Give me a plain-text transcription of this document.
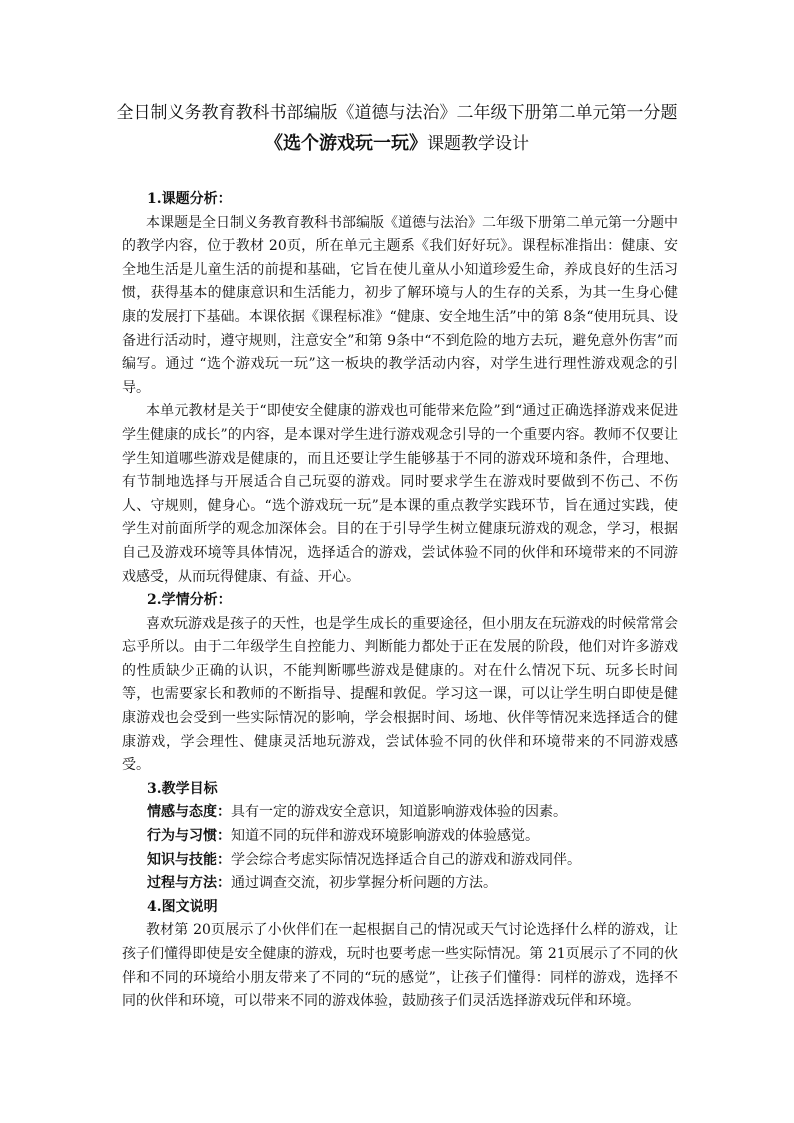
全日制义务教育教科书部编版《道德与法治》二年级下册第二单元第一分题《选个游戏玩一玩》课题教学设计
1.课题分析：

本课题是全日制义务教育教科书部编版《道德与法治》二年级下册第二单元第一分题中的教学内容，位于教材 20页，所在单元主题系《我们好好玩》。课程标准指出：健康、安全地生活是儿童生活的前提和基础，它旨在使儿童从小知道珍爱生命，养成良好的生活习惯，获得基本的健康意识和生活能力，初步了解环境与人的生存的关系，为其一生身心健康的发展打下基础。本课依据《课程标准》“健康、安全地生活”中的第 8条“使用玩具、设备进行活动时，遵守规则，注意安全”和第 9条中“不到危险的地方去玩，避免意外伤害”而编写。通过 “选个游戏玩一玩”这一板块的教学活动内容，对学生进行理性游戏观念的引导。

本单元教材是关于“即使安全健康的游戏也可能带来危险”到“通过正确选择游戏来促进学生健康的成长”的内容，是本课对学生进行游戏观念引导的一个重要内容。教师不仅要让学生知道哪些游戏是健康的，而且还要让学生能够基于不同的游戏环境和条件，合理地、有节制地选择与开展适合自己玩耍的游戏。同时要求学生在游戏时要做到不伤己、不伤人、守规则，健身心。“选个游戏玩一玩”是本课的重点教学实践环节，旨在通过实践，使学生对前面所学的观念加深体会。目的在于引导学生树立健康玩游戏的观念，学习，根据自己及游戏环境等具体情况，选择适合的游戏，尝试体验不同的伙伴和环境带来的不同游戏感受，从而玩得健康、有益、开心。

2.学情分析：

喜欢玩游戏是孩子的天性，也是学生成长的重要途径，但小朋友在玩游戏的时候常常会忘乎所以。由于二年级学生自控能力、判断能力都处于正在发展的阶段，他们对许多游戏的性质缺少正确的认识，不能判断哪些游戏是健康的。对在什么情况下玩、玩多长时间等，也需要家长和教师的不断指导、提醒和敦促。学习这一课，可以让学生明白即使是健康游戏也会受到一些实际情况的影响，学会根据时间、场地、伙伴等情况来选择适合的健康游戏，学会理性、健康灵活地玩游戏，尝试体验不同的伙伴和环境带来的不同游戏感受。

3.教学目标

情感与态度：具有一定的游戏安全意识，知道影响游戏体验的因素。

行为与习惯：知道不同的玩伴和游戏环境影响游戏的体验感觉。

知识与技能：学会综合考虑实际情况选择适合自己的游戏和游戏同伴。

过程与方法：通过调查交流，初步掌握分析问题的方法。

4.图文说明

教材第 20页展示了小伙伴们在一起根据自己的情况或天气讨论选择什么样的游戏，让孩子们懂得即使是安全健康的游戏，玩时也要考虑一些实际情况。第 21页展示了不同的伙伴和不同的环境给小朋友带来了不同的“玩的感觉”，让孩子们懂得：同样的游戏，选择不同的伙伴和环境，可以带来不同的游戏体验，鼓励孩子们灵活选择游戏玩伴和环境。
